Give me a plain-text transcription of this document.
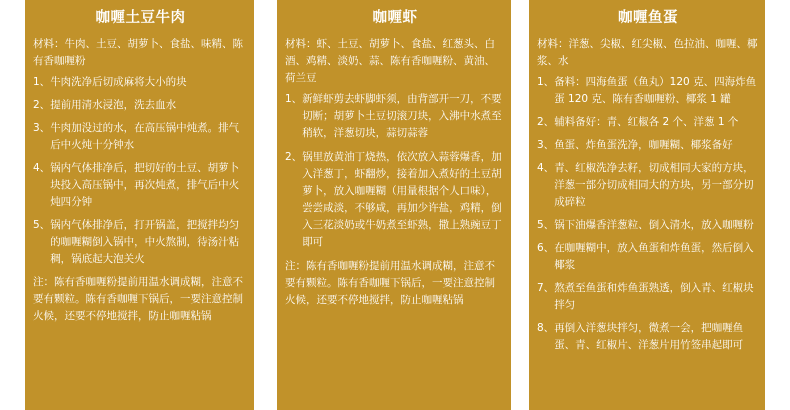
咖喱土豆牛肉
材料：牛肉、土豆、胡萝卜、食盐、味精、陈有香咖喱粉
1、 牛肉洗净后切成麻将大小的块
2、 提前用清水浸泡，洗去血水
3、 牛肉加没过的水，在高压锅中炖煮。排气后中火炖十分钟水
4、 锅内气体排净后，把切好的土豆、胡萝卜块投入高压锅中，再次炖煮，排气后中火炖四分钟
5、 锅内气体排净后，打开锅盖，把搅拌均匀的咖喱糊倒入锅中，中火熬制，待汤汁粘稠，锅底起大泡关火
注：陈有香咖喱粉提前用温水调成糊，注意不要有颗粒。陈有香咖喱下锅后，一要注意控制火候，还要不停地搅拌，防止咖喱粘锅
咖喱虾
材料：虾、土豆、胡萝卜、食盐、红葱头、白酒、鸡精、淡奶、蒜、陈有香咖喱粉、黄油、荷兰豆
1、 新鲜虾剪去虾脚虾须，由背部开一刀，不要切断；胡萝卜土豆切滚刀块，入沸中水煮至稍软，洋葱切块，蒜切蒜蓉
2、 锅里放黄油丁烧热，依次放入蒜蓉爆香，加入洋葱丁，虾翻炒，接着加入煮好的土豆胡萝卜，放入咖喱糊（用量根据个人口味），尝尝咸淡，不够咸，再加少许盐，鸡精，倒入三花淡奶或牛奶煮至虾熟，撒上熟豌豆丁即可
注：陈有香咖喱粉提前用温水调成糊，注意不要有颗粒。陈有香咖喱下锅后，一要注意控制火候，还要不停地搅拌，防止咖喱粘锅
咖喱鱼蛋
材料：洋葱、尖椒、红尖椒、色拉油、咖喱、椰浆、水
1、 备料：四海鱼蛋（鱼丸）120 克、四海炸鱼蛋 120 克、陈有香咖喱粉、椰浆 1 罐
2、 辅料备好：青、红椒各 2 个、洋葱 1 个
3、 鱼蛋、炸鱼蛋洗净，咖喱糊、椰浆备好
4、 青、红椒洗净去籽，切成相同大家的方块，洋葱一部分切成相同大的方块，另一部分切成碎粒
5、 锅下油爆香洋葱粒、倒入清水，放入咖喱粉
6、 在咖喱糊中，放入鱼蛋和炸鱼蛋，然后倒入椰浆
7、 熬煮至鱼蛋和炸鱼蛋熟透，倒入青、红椒块拌匀
8、 再倒入洋葱块拌匀，微煮一会，把咖喱鱼蛋、青、红椒片、洋葱片用竹签串起即可
